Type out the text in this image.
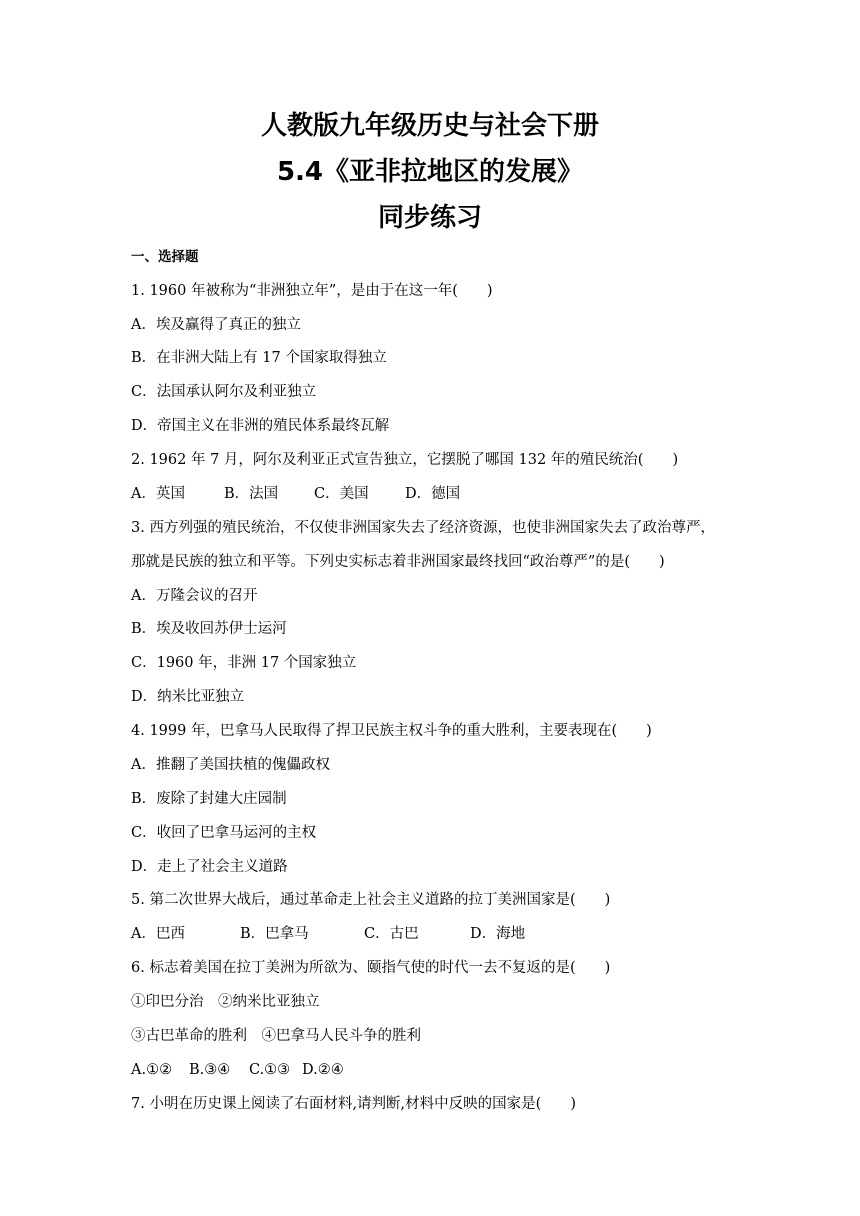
人教版九年级历史与社会下册
5.4《亚非拉地区的发展》
同步练习
一、选择题
1. 1960 年被称为“非洲独立年”，是由于在这一年(　　)
A．埃及赢得了真正的独立
B．在非洲大陆上有 17 个国家取得独立
C．法国承认阿尔及利亚独立
D．帝国主义在非洲的殖民体系最终瓦解
2. 1962 年 7 月，阿尔及利亚正式宣告独立，它摆脱了哪国 132 年的殖民统治(　　)
A．英国	B．法国 C．美国	D．德国
3. 西方列强的殖民统治，不仅使非洲国家失去了经济资源，也使非洲国家失去了政治尊严，
那就是民族的独立和平等。下列史实标志着非洲国家最终找回“政治尊严”的是(　　)
A．万隆会议的召开
B．埃及收回苏伊士运河
C．1960 年，非洲 17 个国家独立
D．纳米比亚独立
4. 1999 年，巴拿马人民取得了捍卫民族主权斗争的重大胜利，主要表现在(　　)
A．推翻了美国扶植的傀儡政权
B．废除了封建大庄园制
C．收回了巴拿马运河的主权
D．走上了社会主义道路
5. 第二次世界大战后，通过革命走上社会主义道路的拉丁美洲国家是(　　)
A．巴西	B．巴拿马	C．古巴	D．海地
6. 标志着美国在拉丁美洲为所欲为、颐指气使的时代一去不复返的是(　　)
①印巴分治　②纳米比亚独立
③古巴革命的胜利　④巴拿马人民斗争的胜利
A.①② B.③④ C.①③ D.②④
7. 小明在历史课上阅读了右面材料,请判断,材料中反映的国家是(　　)
